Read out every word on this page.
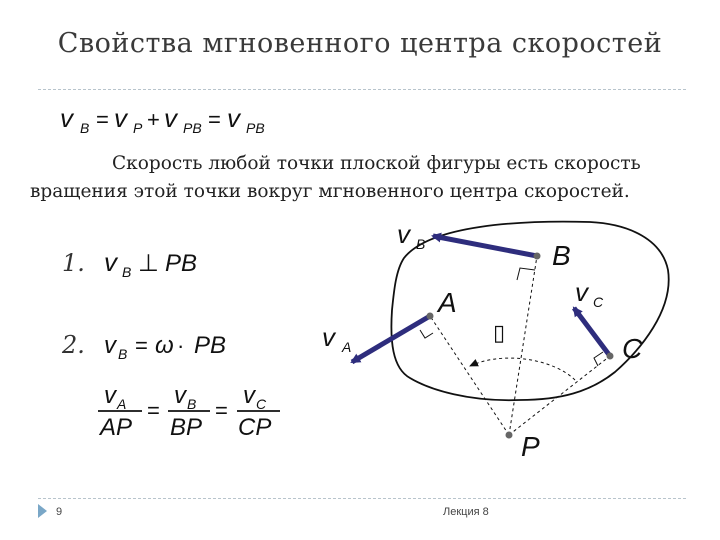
Свойства мгновенного центра скоростей
Скорость любой точки плоской фигуры есть скорость
вращения этой точки вокруг мгновенного центра скоростей.
v B = v P + v PB = v PB
1. v B ⊥ PB
2. v B = ω · PB
v A
AP
=
v B
BP
=
v C
CP
B
A
C
P
v B
v A
v C
▯
9	Лекция 8
